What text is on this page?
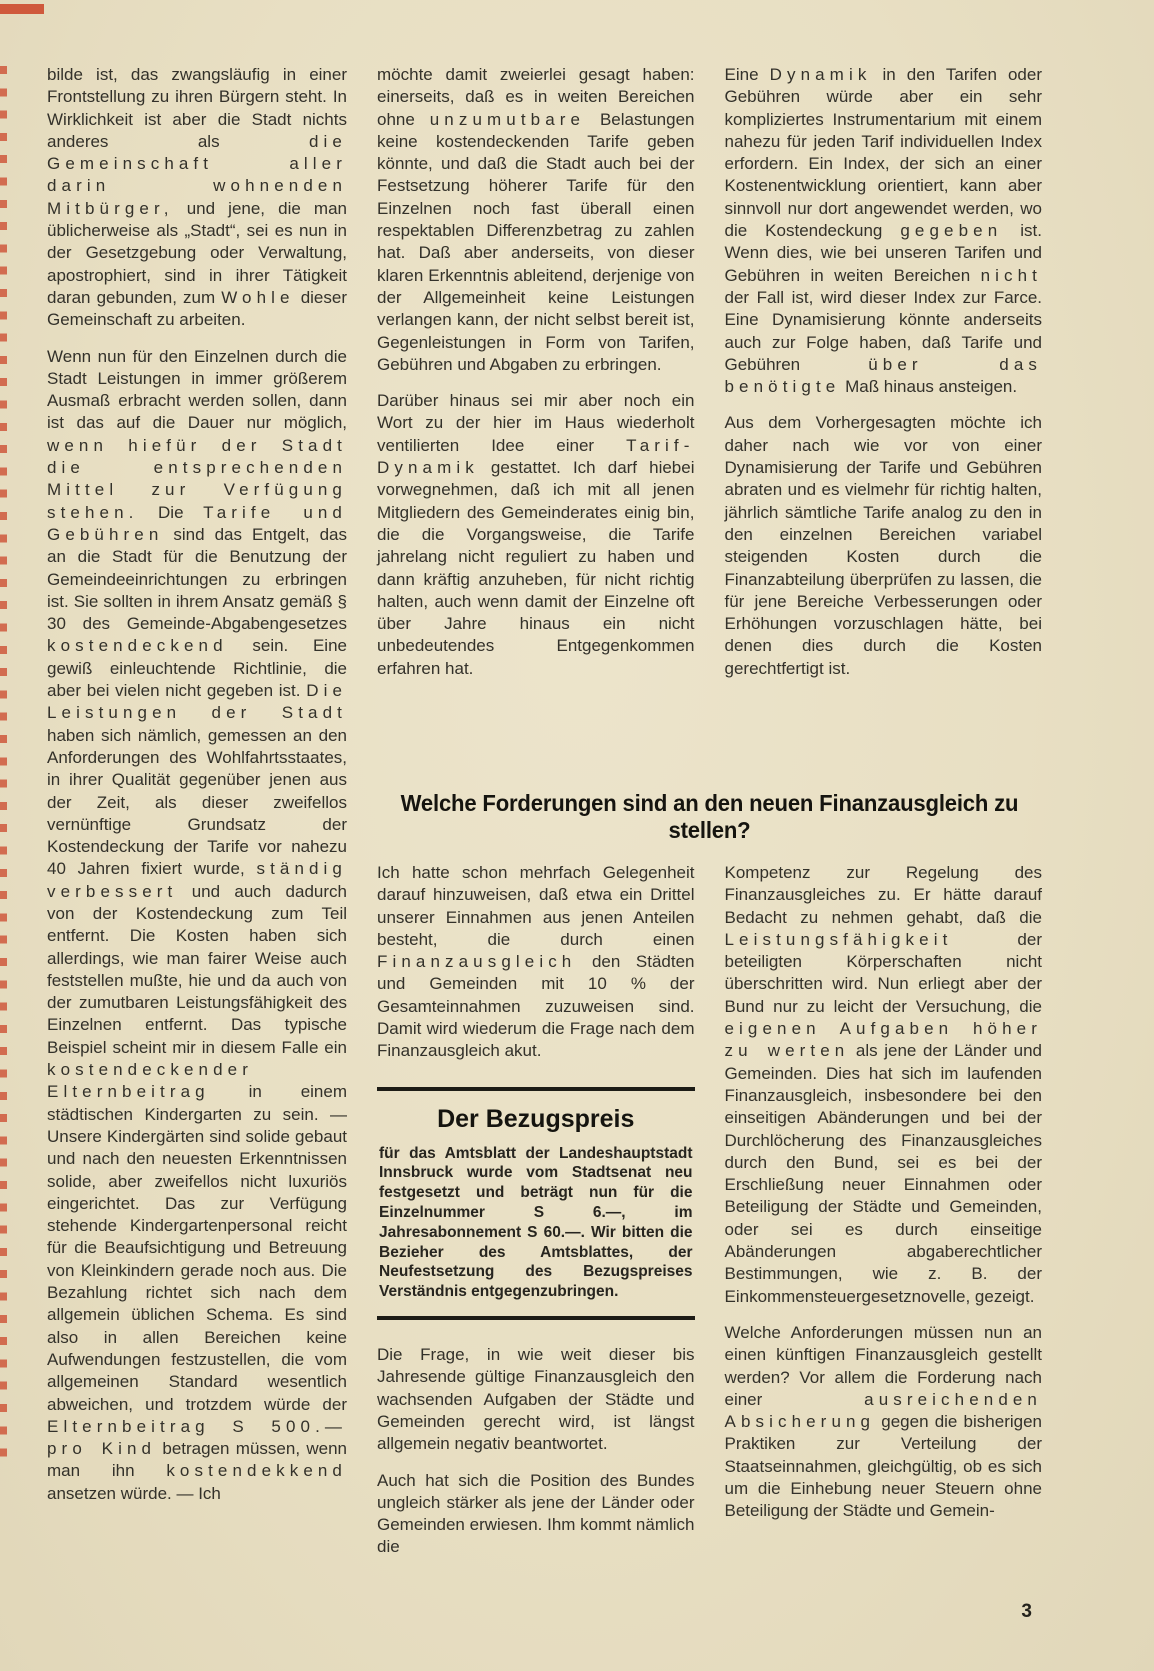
bilde ist, das zwangsläufig in einer Frontstellung zu ihren Bürgern steht. In Wirklichkeit ist aber die Stadt nichts anderes als die Gemeinschaft aller darin wohnenden Mitbürger, und jene, die man üblicherweise als „Stadt“, sei es nun in der Gesetzgebung oder Verwaltung, apostrophiert, sind in ihrer Tätigkeit daran gebunden, zum Wohle dieser Gemeinschaft zu arbeiten.

Wenn nun für den Einzelnen durch die Stadt Leistungen in immer größerem Ausmaß erbracht werden sollen, dann ist das auf die Dauer nur möglich, wenn hiefür der Stadt die entsprechenden Mittel zur Verfügung stehen. Die Tarife und Gebühren sind das Entgelt, das an die Stadt für die Benutzung der Gemeindeeinrichtungen zu erbringen ist. Sie sollten in ihrem Ansatz gemäß § 30 des Gemeinde-Abgabengesetzes kostendeckend sein. Eine gewiß einleuchtende Richtlinie, die aber bei vielen nicht gegeben ist. Die Leistungen der Stadt haben sich nämlich, gemessen an den Anforderungen des Wohlfahrtsstaates, in ihrer Qualität gegenüber jenen aus der Zeit, als dieser zweifellos vernünftige Grundsatz der Kostendeckung der Tarife vor nahezu 40 Jahren fixiert wurde, ständig verbessert und auch dadurch von der Kostendeckung zum Teil entfernt. Die Kosten haben sich allerdings, wie man fairer Weise auch feststellen mußte, hie und da auch von der zumutbaren Leistungsfähigkeit des Einzelnen entfernt. Das typische Beispiel scheint mir in diesem Falle ein kostendeckender Elternbeitrag in einem städtischen Kindergarten zu sein. — Unsere Kindergärten sind solide gebaut und nach den neuesten Erkenntnissen solide, aber zweifellos nicht luxuriös eingerichtet. Das zur Verfügung stehende Kindergartenpersonal reicht für die Beaufsichtigung und Betreuung von Kleinkindern gerade noch aus. Die Bezahlung richtet sich nach dem allgemein üblichen Schema. Es sind also in allen Bereichen keine Aufwendungen festzustellen, die vom allgemeinen Standard wesentlich abweichen, und trotzdem würde der Elternbeitrag S 500.— pro Kind betragen müssen, wenn man ihn kostendekkend ansetzen würde. — Ich

möchte damit zweierlei gesagt haben: einerseits, daß es in weiten Bereichen ohne unzumutbare Belastungen keine kostendeckenden Tarife geben könnte, und daß die Stadt auch bei der Festsetzung höherer Tarife für den Einzelnen noch fast überall einen respektablen Differenzbetrag zu zahlen hat. Daß aber anderseits, von dieser klaren Erkenntnis ableitend, derjenige von der Allgemeinheit keine Leistungen verlangen kann, der nicht selbst bereit ist, Gegenleistungen in Form von Tarifen, Gebühren und Abgaben zu erbringen.

Darüber hinaus sei mir aber noch ein Wort zu der hier im Haus wiederholt ventilierten Idee einer Tarif-Dynamik gestattet. Ich darf hiebei vorwegnehmen, daß ich mit all jenen Mitgliedern des Gemeinderates einig bin, die die Vorgangsweise, die Tarife jahrelang nicht reguliert zu haben und dann kräftig anzuheben, für nicht richtig halten, auch wenn damit der Einzelne oft über Jahre hinaus ein nicht unbedeutendes Entgegenkommen erfahren hat.

Eine Dynamik in den Tarifen oder Gebühren würde aber ein sehr kompliziertes Instrumentarium mit einem nahezu für jeden Tarif individuellen Index erfordern. Ein Index, der sich an einer Kostenentwicklung orientiert, kann aber sinnvoll nur dort angewendet werden, wo die Kostendeckung gegeben ist. Wenn dies, wie bei unseren Tarifen und Gebühren in weiten Bereichen nicht der Fall ist, wird dieser Index zur Farce. Eine Dynamisierung könnte anderseits auch zur Folge haben, daß Tarife und Gebühren über das benötigte Maß hinaus ansteigen.

Aus dem Vorhergesagten möchte ich daher nach wie vor von einer Dynamisierung der Tarife und Gebühren abraten und es vielmehr für richtig halten, jährlich sämtliche Tarife analog zu den in den einzelnen Bereichen variabel steigenden Kosten durch die Finanzabteilung überprüfen zu lassen, die für jene Bereiche Verbesserungen oder Erhöhungen vorzuschlagen hätte, bei denen dies durch die Kosten gerechtfertigt ist.

Welche Forderungen sind an den neuen Finanzausgleich zu stellen?

Ich hatte schon mehrfach Gelegenheit darauf hinzuweisen, daß etwa ein Drittel unserer Einnahmen aus jenen Anteilen besteht, die durch einen Finanzausgleich den Städten und Gemeinden mit 10 % der Gesamteinnahmen zuzuweisen sind. Damit wird wiederum die Frage nach dem Finanzausgleich akut.

Der Bezugspreis

für das Amtsblatt der Landeshauptstadt Innsbruck wurde vom Stadtsenat neu festgesetzt und beträgt nun für die Einzelnummer S 6.—, im Jahresabonnement S 60.—. Wir bitten die Bezieher des Amtsblattes, der Neufestsetzung des Bezugspreises Verständnis entgegenzubringen.

Die Frage, in wie weit dieser bis Jahresende gültige Finanzausgleich den wachsenden Aufgaben der Städte und Gemeinden gerecht wird, ist längst allgemein negativ beantwortet.

Auch hat sich die Position des Bundes ungleich stärker als jene der Länder oder Gemeinden erwiesen. Ihm kommt nämlich die

Kompetenz zur Regelung des Finanzausgleiches zu. Er hätte darauf Bedacht zu nehmen gehabt, daß die Leistungsfähigkeit der beteiligten Körperschaften nicht überschritten wird. Nun erliegt aber der Bund nur zu leicht der Versuchung, die eigenen Aufgaben höher zu werten als jene der Länder und Gemeinden. Dies hat sich im laufenden Finanzausgleich, insbesondere bei den einseitigen Abänderungen und bei der Durchlöcherung des Finanzausgleiches durch den Bund, sei es bei der Erschließung neuer Einnahmen oder Beteiligung der Städte und Gemeinden, oder sei es durch einseitige Abänderungen abgaberechtlicher Bestimmungen, wie z. B. der Einkommensteuergesetznovelle, gezeigt.

Welche Anforderungen müssen nun an einen künftigen Finanzausgleich gestellt werden? Vor allem die Forderung nach einer ausreichenden Absicherung gegen die bisherigen Praktiken zur Verteilung der Staatseinnahmen, gleichgültig, ob es sich um die Einhebung neuer Steuern ohne Beteiligung der Städte und Gemein-

3
